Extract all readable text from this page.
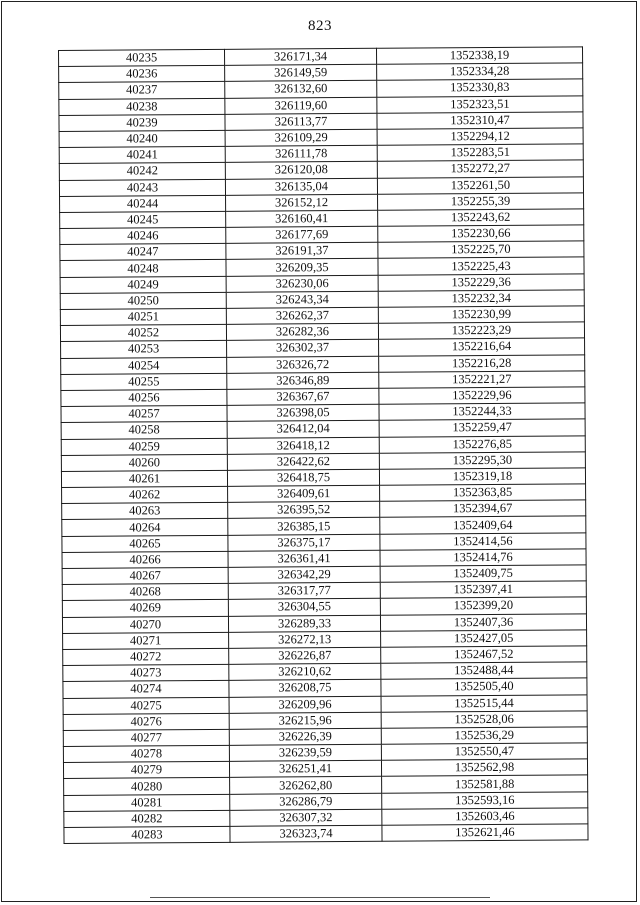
823
40235	326171,34	1352338,19
40236	326149,59	1352334,28
40237	326132,60	1352330,83
40238	326119,60	1352323,51
40239	326113,77	1352310,47
40240	326109,29	1352294,12
40241	326111,78	1352283,51
40242	326120,08	1352272,27
40243	326135,04	1352261,50
40244	326152,12	1352255,39
40245	326160,41	1352243,62
40246	326177,69	1352230,66
40247	326191,37	1352225,70
40248	326209,35	1352225,43
40249	326230,06	1352229,36
40250	326243,34	1352232,34
40251	326262,37	1352230,99
40252	326282,36	1352223,29
40253	326302,37	1352216,64
40254	326326,72	1352216,28
40255	326346,89	1352221,27
40256	326367,67	1352229,96
40257	326398,05	1352244,33
40258	326412,04	1352259,47
40259	326418,12	1352276,85
40260	326422,62	1352295,30
40261	326418,75	1352319,18
40262	326409,61	1352363,85
40263	326395,52	1352394,67
40264	326385,15	1352409,64
40265	326375,17	1352414,56
40266	326361,41	1352414,76
40267	326342,29	1352409,75
40268	326317,77	1352397,41
40269	326304,55	1352399,20
40270	326289,33	1352407,36
40271	326272,13	1352427,05
40272	326226,87	1352467,52
40273	326210,62	1352488,44
40274	326208,75	1352505,40
40275	326209,96	1352515,44
40276	326215,96	1352528,06
40277	326226,39	1352536,29
40278	326239,59	1352550,47
40279	326251,41	1352562,98
40280	326262,80	1352581,88
40281	326286,79	1352593,16
40282	326307,32	1352603,46
40283	326323,74	1352621,46
